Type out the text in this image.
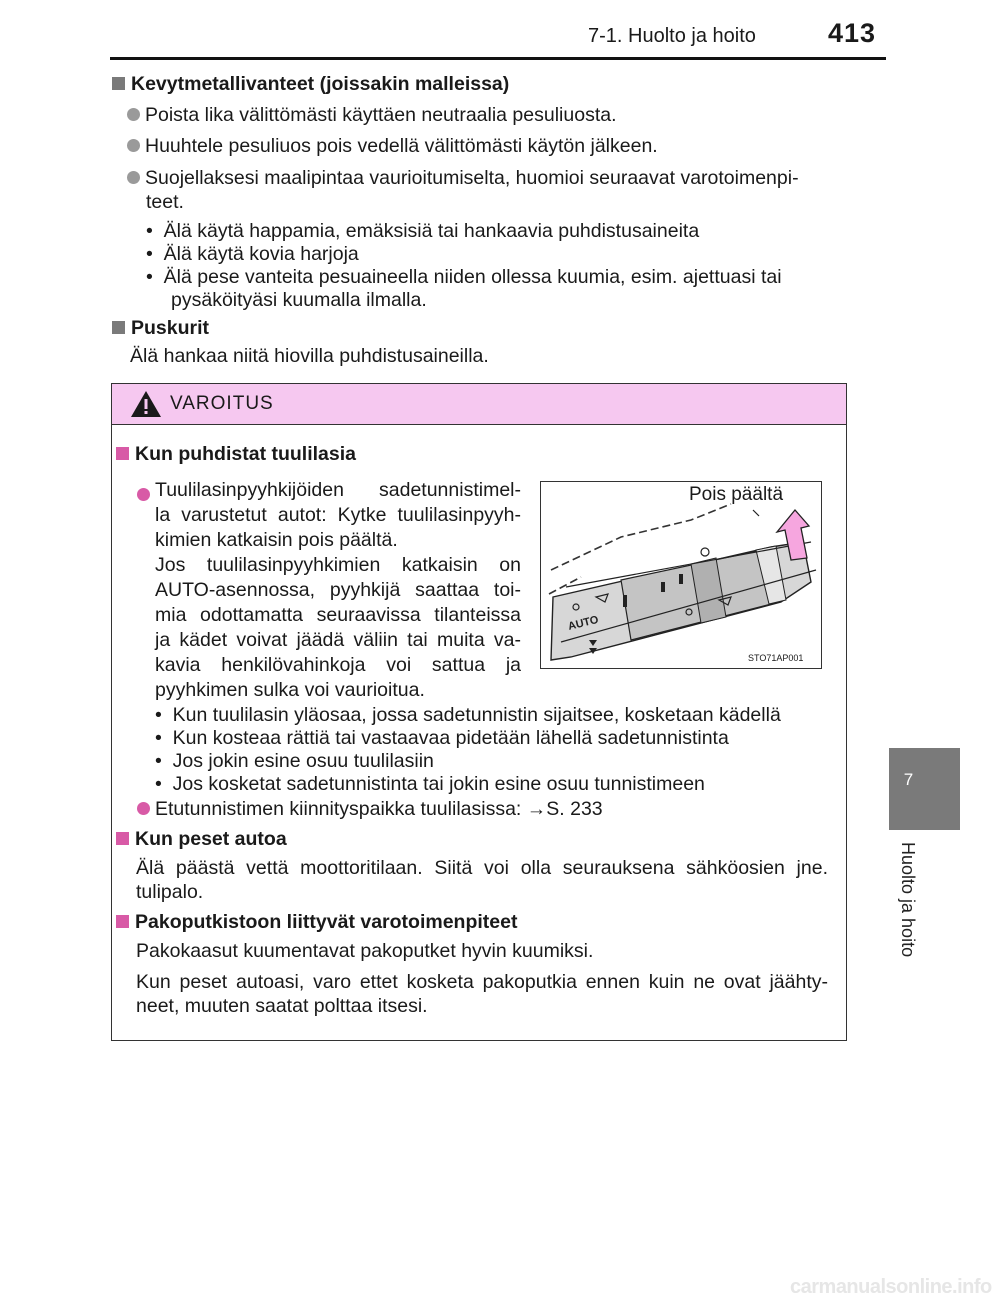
7-1. Huolto ja hoito	413
7
Huolto ja hoito
Kevytmetallivanteet (joissakin malleissa)
Poista lika välittömästi käyttäen neutraalia pesuliuosta.
Huuhtele pesuliuos pois vedellä välittömästi käytön jälkeen.
Suojellaksesi maalipintaa vaurioitumiselta, huomioi seuraavat varotoimenpi-
teet.
•  Älä käytä happamia, emäksisiä tai hankaavia puhdistusaineita
•  Älä käytä kovia harjoja
•  Älä pese vanteita pesuaineella niiden ollessa kuumia, esim. ajettuasi tai
pysäköityäsi kuumalla ilmalla.
Puskurit
Älä hankaa niitä hiovilla puhdistusaineilla.
VAROITUS
Kun puhdistat tuulilasia
Tuulilasinpyyhkijöiden sadetunnistimel-
la varustetut autot: Kytke tuulilasinpyyh-
kimien katkaisin pois päältä.
Jos tuulilasinpyyhkimien katkaisin on
AUTO-asennossa, pyyhkijä saattaa toi-
mia odottamatta seuraavissa tilanteissa
ja kädet voivat jäädä väliin tai muita va-
kavia henkilövahinkoja voi sattua ja
pyyhkimen sulka voi vaurioitua.
AUTO
Pois päältä
STO71AP001
•  Kun tuulilasin yläosaa, jossa sadetunnistin sijaitsee, kosketaan kädellä
•  Kun kosteaa rättiä tai vastaavaa pidetään lähellä sadetunnistinta
•  Jos jokin esine osuu tuulilasiin
•  Jos kosketat sadetunnistinta tai jokin esine osuu tunnistimeen
Etutunnistimen kiinnityspaikka tuulilasissa: →S. 233
Kun peset autoa
Älä päästä vettä moottoritilaan. Siitä voi olla seurauksena sähköosien jne.
tulipalo.
Pakoputkistoon liittyvät varotoimenpiteet
Pakokaasut kuumentavat pakoputket hyvin kuumiksi.
Kun peset autoasi, varo ettet kosketa pakoputkia ennen kuin ne ovat jäähty-
neet, muuten saatat polttaa itsesi.
carmanualsonline.info
